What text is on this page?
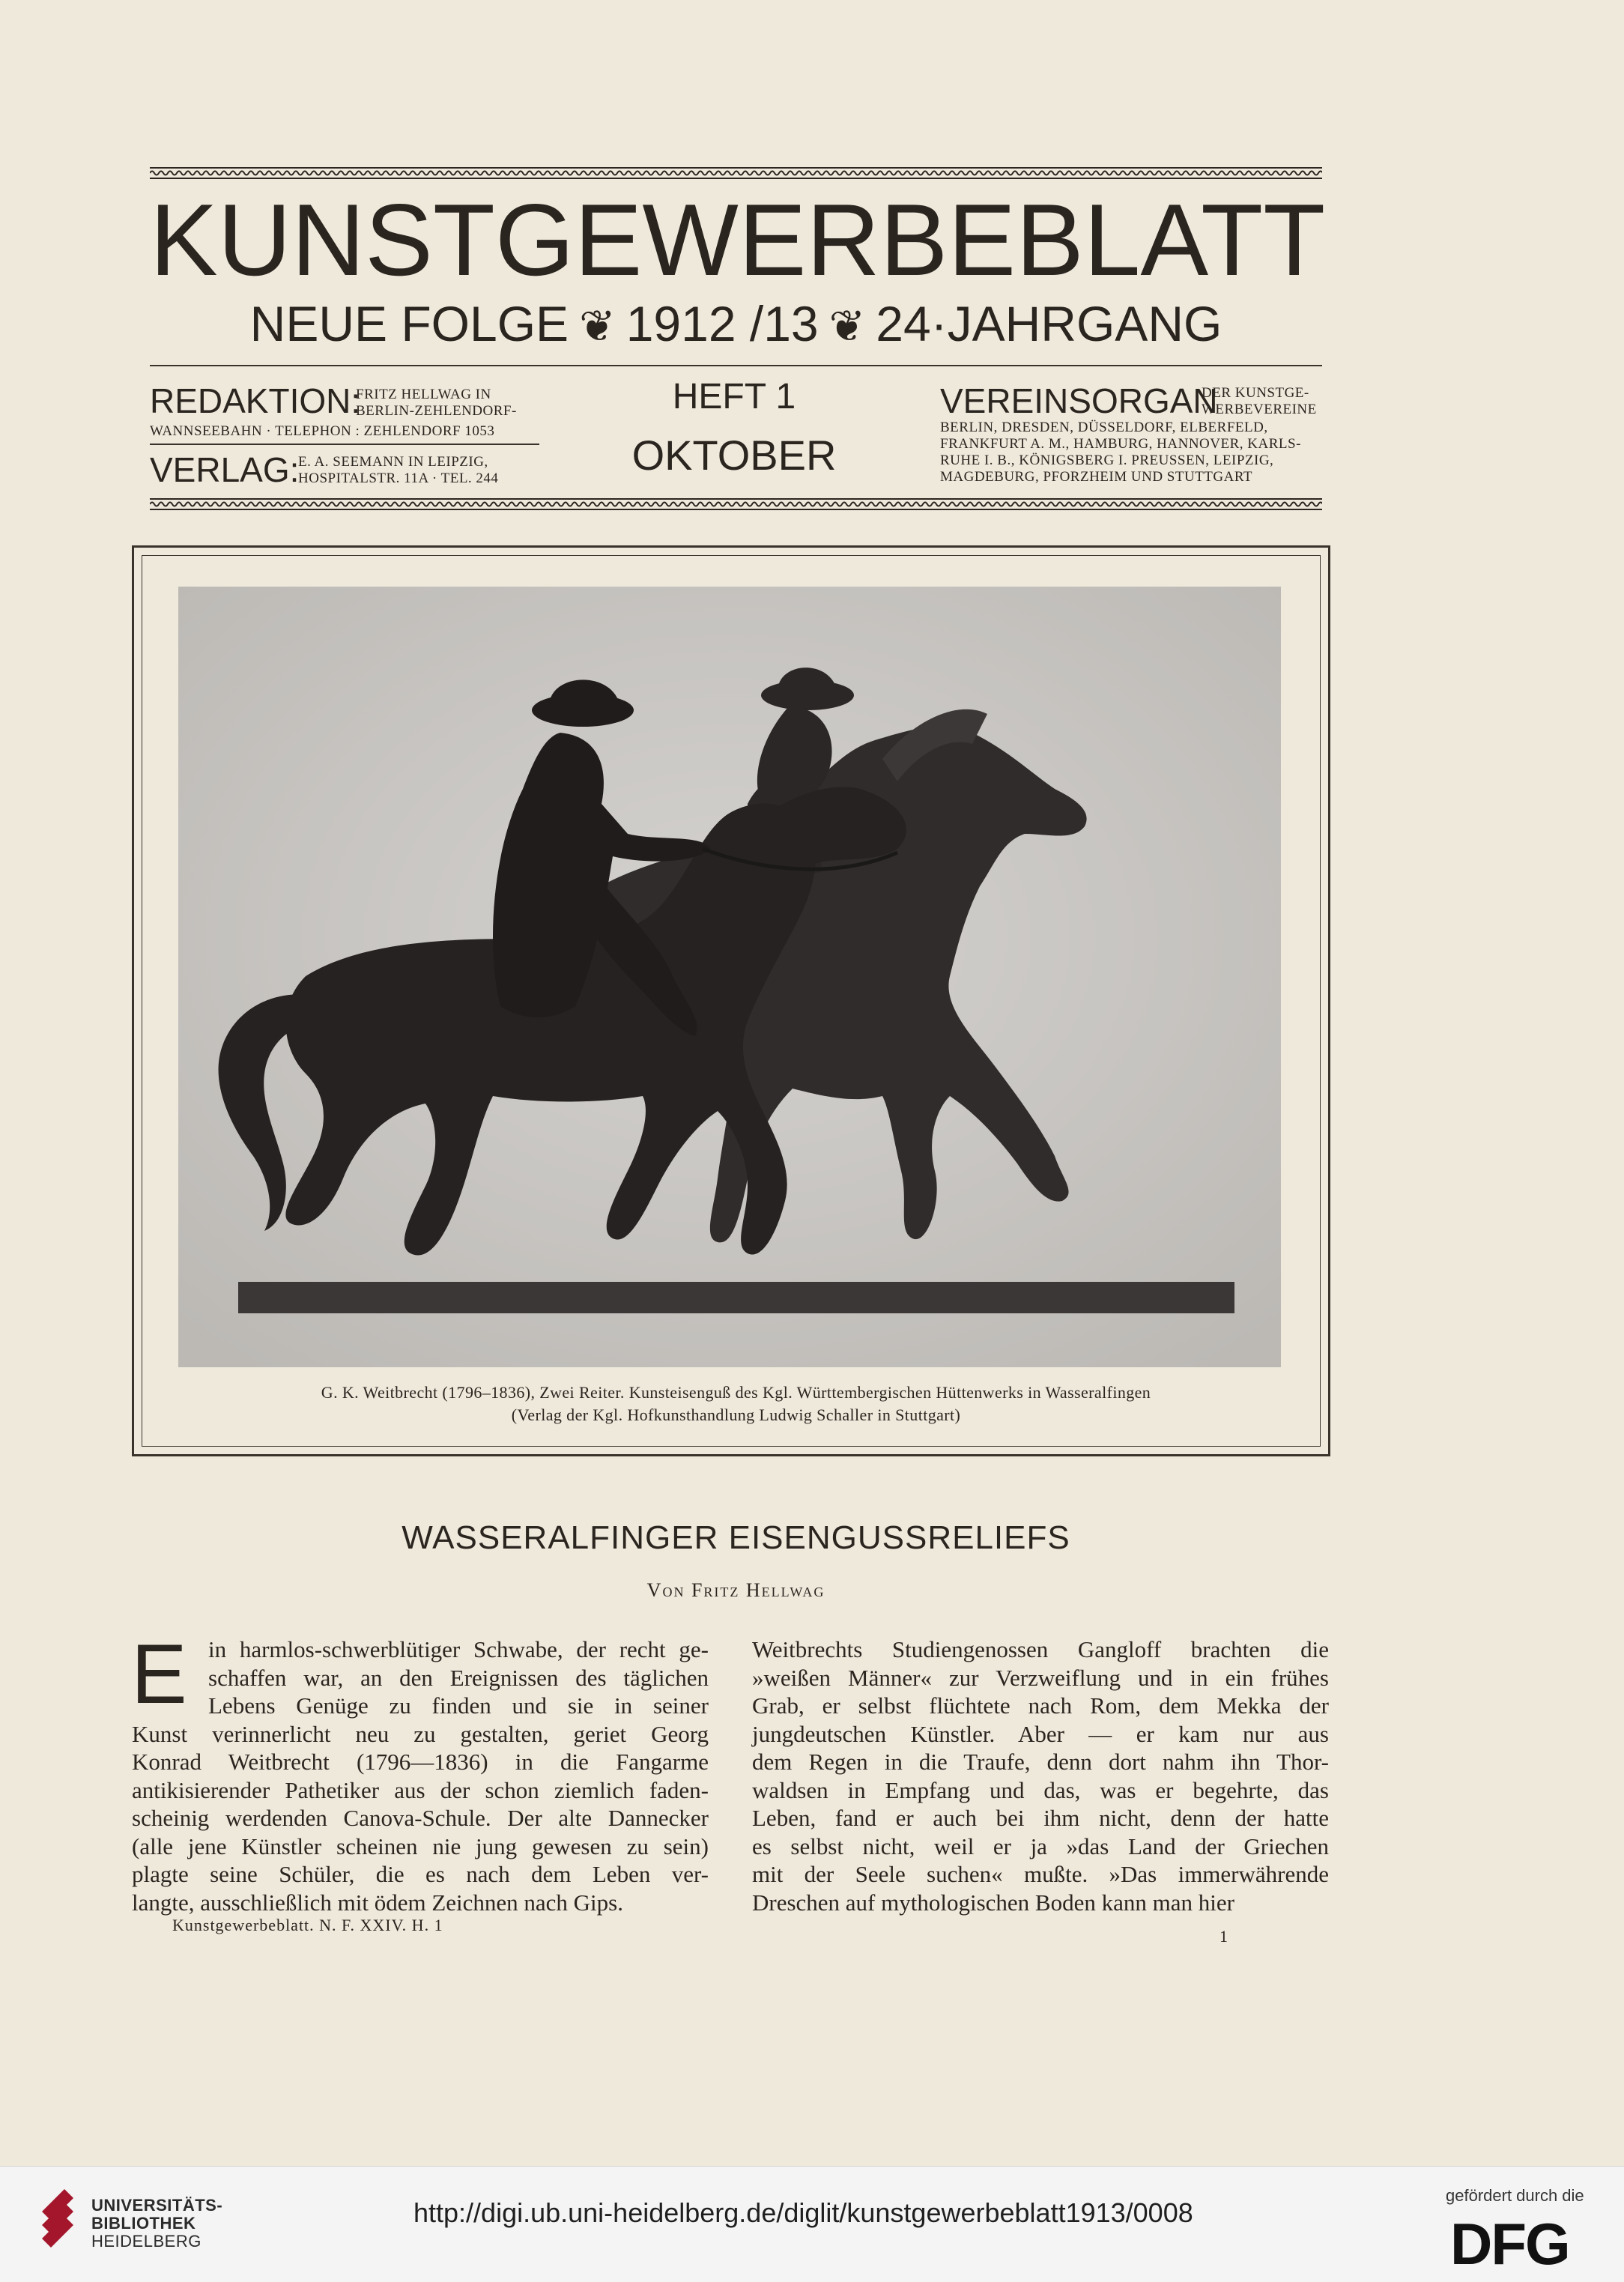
KUNSTGEWERBEBLATT
NEUE FOLGE ❦ 1912 /13 ❦ 24·JAHRGANG
REDAKTION:
FRITZ HELLWAG IN
BERLIN-ZEHLENDORF-
WANNSEEBAHN · TELEPHON : ZEHLENDORF 1053
VERLAG:
E. A. SEEMANN IN LEIPZIG,
HOSPITALSTR. 11A · TEL. 244
HEFT 1
OKTOBER
VEREINSORGAN
DER KUNSTGE-
WERBEVEREINE
BERLIN, DRESDEN, DÜSSELDORF, ELBERFELD,
FRANKFURT A. M., HAMBURG, HANNOVER, KARLS-
RUHE I. B., KÖNIGSBERG I. PREUSSEN, LEIPZIG,
MAGDEBURG, PFORZHEIM UND STUTTGART
G. K. Weitbrecht (1796–1836), Zwei Reiter. Kunsteisenguß des Kgl. Württembergischen Hüttenwerks in Wasseralfingen
(Verlag der Kgl. Hofkunsthandlung Ludwig Schaller in Stuttgart)
WASSERALFINGER EISENGUSSRELIEFS
Von Fritz Hellwag
E in harmlos-schwerblütiger Schwabe, der recht ge-
schaffen war, an den Ereignissen des täglichen
Lebens Genüge zu finden und sie in seiner
Kunst verinnerlicht neu zu gestalten, geriet Georg
Konrad Weitbrecht (1796—1836) in die Fangarme
antikisierender Pathetiker aus der schon ziemlich faden-
scheinig werdenden Canova-Schule. Der alte Dannecker
(alle jene Künstler scheinen nie jung gewesen zu sein)
plagte seine Schüler, die es nach dem Leben ver-
langte, ausschließlich mit ödem Zeichnen nach Gips.
Weitbrechts Studiengenossen Gangloff brachten die
»weißen Männer« zur Verzweiflung und in ein frühes
Grab, er selbst flüchtete nach Rom, dem Mekka der
jungdeutschen Künstler. Aber — er kam nur aus
dem Regen in die Traufe, denn dort nahm ihn Thor-
waldsen in Empfang und das, was er begehrte, das
Leben, fand er auch bei ihm nicht, denn der hatte
es selbst nicht, weil er ja »das Land der Griechen
mit der Seele suchen« mußte. »Das immerwährende
Dreschen auf mythologischen Boden kann man hier
Kunstgewerbeblatt. N. F. XXIV. H. 1
1
UNIVERSITÄTS-
BIBLIOTHEK
HEIDELBERG
gefördert durch die
DFG
http://digi.ub.uni-heidelberg.de/diglit/kunstgewerbeblatt1913/0008
